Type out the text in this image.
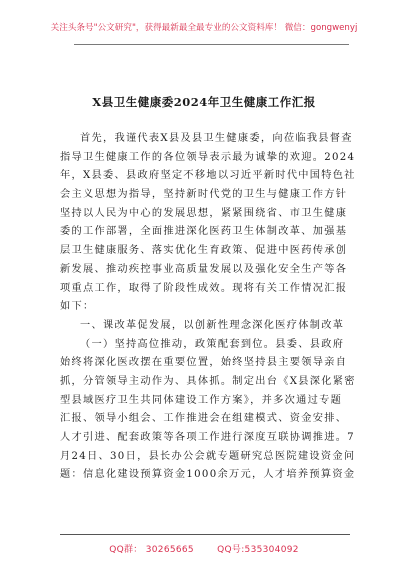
关注头条号"公文研究"，获得最新最全最专业的公文资料库！ 微信：gongwenyj
X县卫生健康委2024年卫生健康工作汇报
首先，我谨代表X县及县卫生健康委，向莅临我县督查
指导卫生健康工作的各位领导表示最为诚挚的欢迎。2024
年，X县委、县政府坚定不移地以习近平新时代中国特色社
会主义思想为指导，坚持新时代党的卫生与健康工作方针
坚持以人民为中心的发展思想，紧紧围绕省、市卫生健康
委的工作部署，全面推进深化医药卫生体制改革、加强基
层卫生健康服务、落实优化生育政策、促进中医药传承创
新发展、推动疾控事业高质量发展以及强化安全生产等各
项重点工作，取得了阶段性成效。现将有关工作情况汇报
如下：
一、课改革促发展，以创新性理念深化医疗体制改革
（一）坚持高位推动，政策配套到位。县委、县政府
始终将深化医改摆在重要位置，始终坚持县主要领导亲自
抓，分管领导主动作为、具体抓。制定出台《X县深化紧密
型县域医疗卫生共同体建设工作方案》，并多次通过专题
汇报、领导小组会、工作推进会在组建模式、资金安排、
人才引进、配套政策等各项工作进行深度互联协调推进。7
月24日、30日，县长办公会就专题研究总医院建设资金问
题：信息化建设预算资金1000余万元，人才培养预算资金
QQ群： 30265665	QQ号:535304092
